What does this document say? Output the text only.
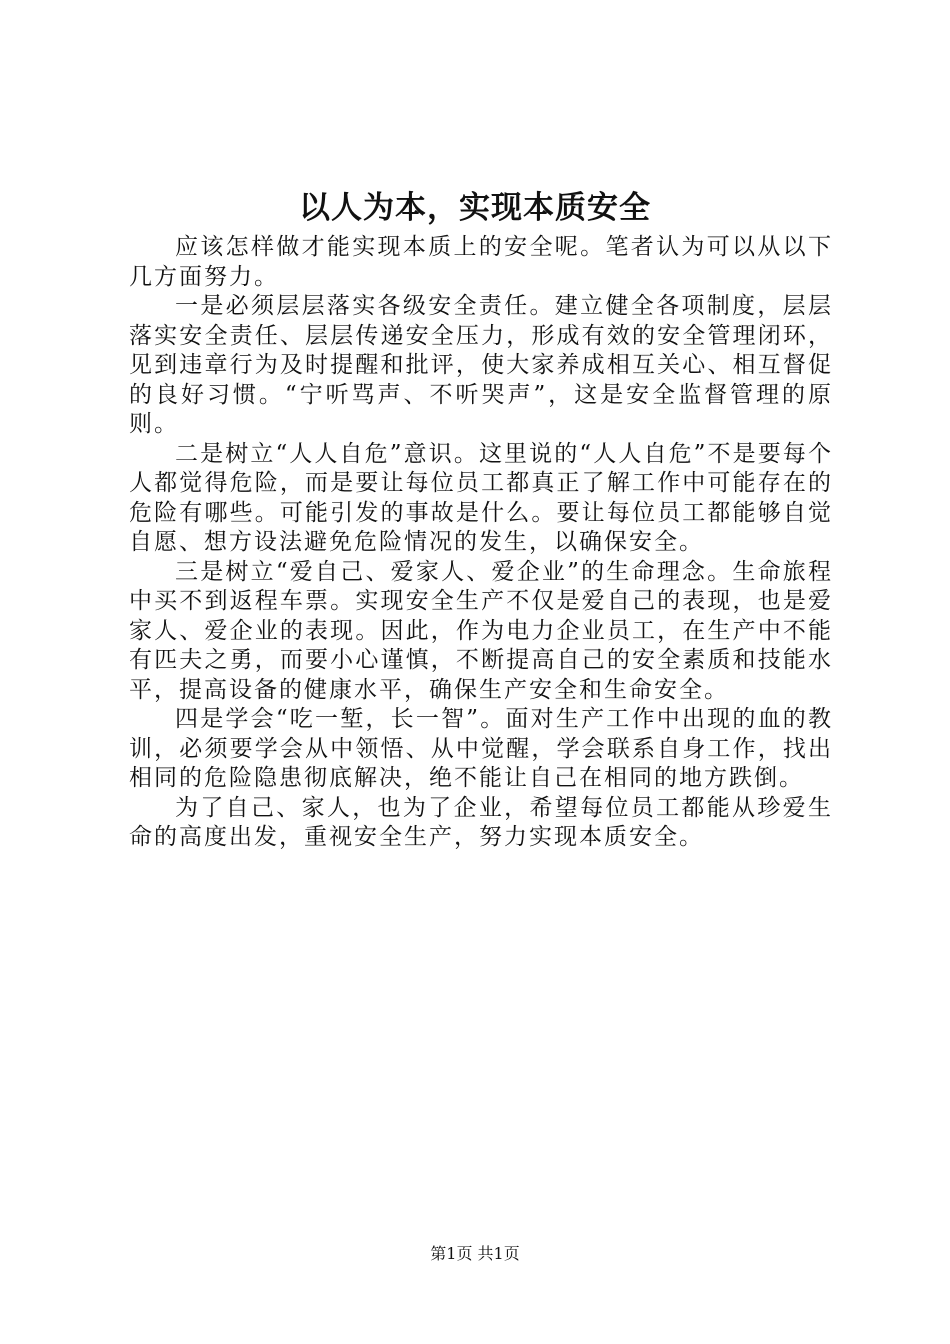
以人为本，实现本质安全

应该怎样做才能实现本质上的安全呢。笔者认为可以从以下几方面努力。

一是必须层层落实各级安全责任。建立健全各项制度，层层落实安全责任、层层传递安全压力，形成有效的安全管理闭环，见到违章行为及时提醒和批评，使大家养成相互关心、相互督促的良好习惯。“宁听骂声、不听哭声”，这是安全监督管理的原则。

二是树立“人人自危”意识。这里说的“人人自危”不是要每个人都觉得危险，而是要让每位员工都真正了解工作中可能存在的危险有哪些。可能引发的事故是什么。要让每位员工都能够自觉自愿、想方设法避免危险情况的发生，以确保安全。

三是树立“爱自己、爱家人、爱企业”的生命理念。生命旅程中买不到返程车票。实现安全生产不仅是爱自己的表现，也是爱家人、爱企业的表现。因此，作为电力企业员工，在生产中不能有匹夫之勇，而要小心谨慎，不断提高自己的安全素质和技能水平，提高设备的健康水平，确保生产安全和生命安全。

四是学会“吃一堑，长一智”。面对生产工作中出现的血的教训，必须要学会从中领悟、从中觉醒，学会联系自身工作，找出相同的危险隐患彻底解决，绝不能让自己在相同的地方跌倒。

为了自己、家人，也为了企业，希望每位员工都能从珍爱生命的高度出发，重视安全生产，努力实现本质安全。

第1页 共1页
